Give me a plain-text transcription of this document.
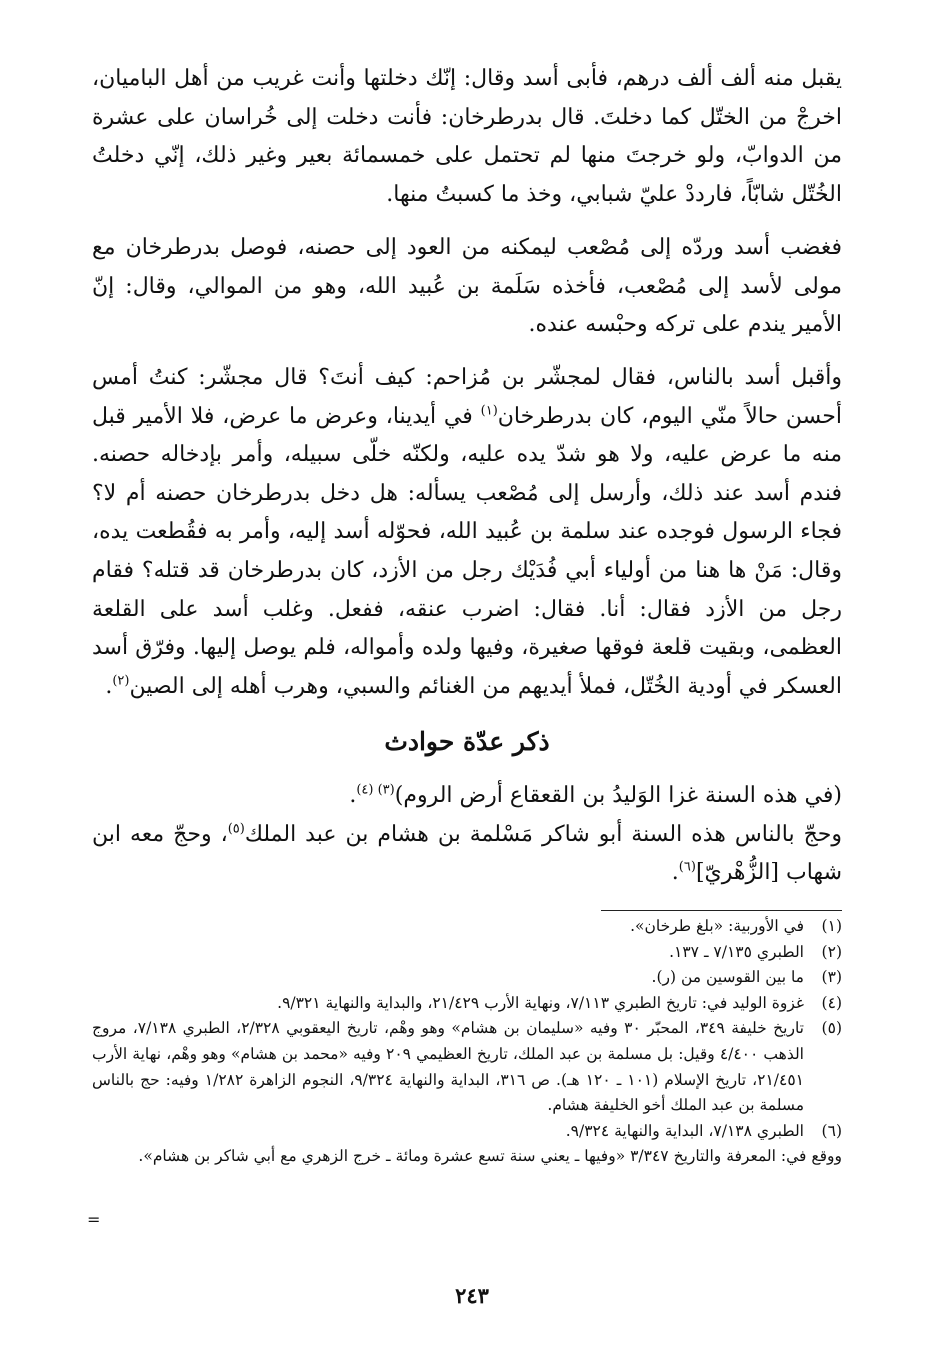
يقبل منه ألف ألف درهم، فأبى أسد وقال: إنّك دخلتها وأنت غريب من أهل الباميان، اخرجْ من الختّل كما دخلتَ. قال بدرطرخان: فأنت دخلت إلى خُراسان على عشرة من الدوابّ، ولو خرجتَ منها لم تحتمل على خمسمائة بعير وغير ذلك، إنّي دخلتُ الخُتّل شابّاً، فارددْ عليّ شبابي، وخذ ما كسبتُ منها.

فغضب أسد وردّه إلى مُصْعب ليمكنه من العود إلى حصنه، فوصل بدرطرخان مع مولى لأسد إلى مُصْعب، فأخذه سَلَمة بن عُبيد الله، وهو من الموالي، وقال: إنّ الأمير يندم على تركه وحبْسه عنده.

وأقبل أسد بالناس، فقال لمجشّر بن مُزاحم: كيف أنتَ؟ قال مجشّر: كنتُ أمس أحسن حالاً منّي اليوم، كان بدرطرخان$^{(١)}$ في أيدينا، وعرض ما عرض، فلا الأمير قبل منه ما عرض عليه، ولا هو شدّ يده عليه، ولكنّه خلّى سبيله، وأمر بإدخاله حصنه. فندم أسد عند ذلك، وأرسل إلى مُصْعب يسأله: هل دخل بدرطرخان حصنه أم لا؟ فجاء الرسول فوجده عند سلمة بن عُبيد الله، فحوّله أسد إليه، وأمر به فقُطعت يده، وقال: مَنْ ها هنا من أولياء أبي فُدَيْك رجل من الأزد، كان بدرطرخان قد قتله؟ فقام رجل من الأزد فقال: أنا. فقال: اضرب عنقه، ففعل. وغلب أسد على القلعة العظمى، وبقيت قلعة فوقها صغيرة، وفيها ولده وأمواله، فلم يوصل إليها. وفرّق أسد العسكر في أودية الخُتّل، فملأ أيديهم من الغنائم والسبي، وهرب أهله إلى الصين$^{(٢)}$.

ذكر عدّة حوادث

(في هذه السنة غزا الوَليدُ بن القعقاع أرض الروم)$^{(٣) (٤)}$.
وحجّ بالناس هذه السنة أبو شاكر مَسْلمة بن هشام بن عبد الملك$^{(٥)}$، وحجّ معه ابن شهاب [الزُّهْريّ]$^{(٦)}$.

(١)
في الأوربية: «بلغ طرخان».
(٢)
الطبري ٧/١٣٥ ـ ١٣٧.
(٣)
ما بين القوسين من (ر).
(٤)
غزوة الوليد في: تاريخ الطبري ٧/١١٣، ونهاية الأرب ٢١/٤٢٩، والبداية والنهاية ٩/٣٢١.
(٥)
تاريخ خليفة ٣٤٩، المحبّر ٣٠ وفيه «سليمان بن هشام» وهو وهْم، تاريخ اليعقوبي ٢/٣٢٨، الطبري ٧/١٣٨، مروج الذهب ٤/٤٠٠ وقيل: بل مسلمة بن عبد الملك، تاريخ العظيمي ٢٠٩ وفيه «محمد بن هشام» وهو وهْم، نهاية الأرب ٢١/٤٥١، تاريخ الإسلام (١٠١ ـ ١٢٠ هـ). ص ٣١٦، البداية والنهاية ٩/٣٢٤، النجوم الزاهرة ١/٢٨٢ وفيه: حج بالناس مسلمة بن عبد الملك أخو الخليفة هشام.
(٦)
الطبري ٧/١٣٨، البداية والنهاية ٩/٣٢٤.
ووقع في: المعرفة والتاريخ ٣/٣٤٧ «وفيها ـ يعني سنة تسع عشرة ومائة ـ خرج الزهري مع أبي شاكر بن هشام».
=
٢٤٣
